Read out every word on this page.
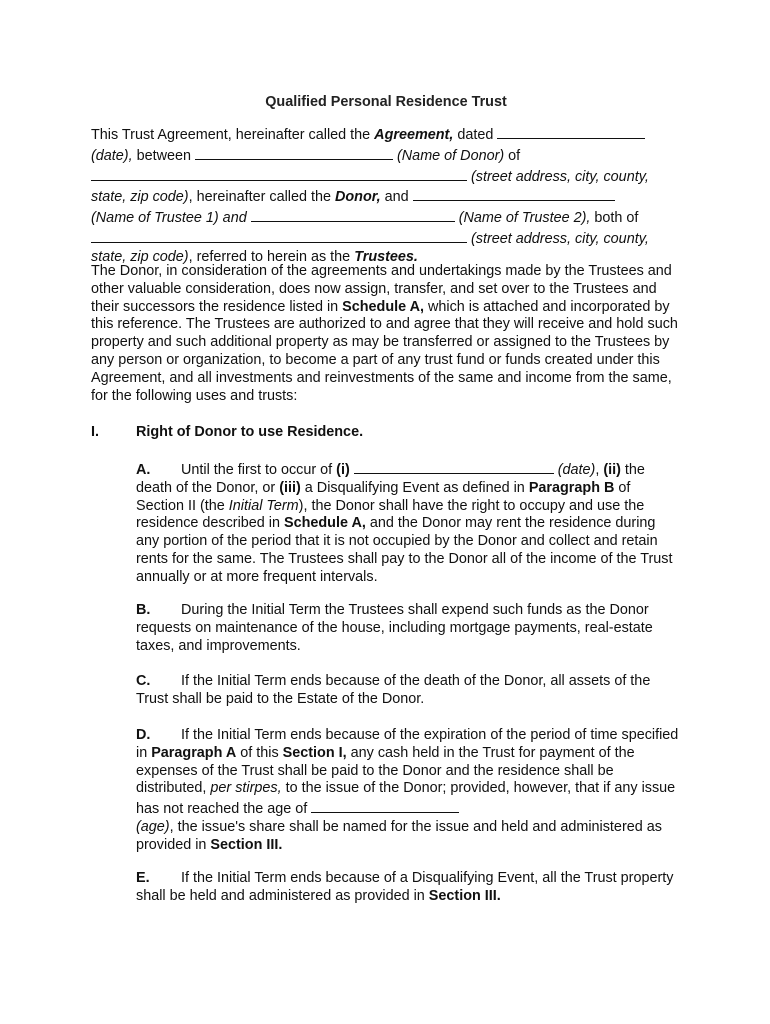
Qualified Personal Residence Trust
This Trust Agreement, hereinafter called the Agreement, dated
(date), between	(Name of Donor) of
(street address, city, county,
state, zip code), hereinafter called the Donor, and
(Name of Trustee 1) and	(Name of Trustee 2), both of
(street address, city, county,
state, zip code), referred to herein as the Trustees.
The Donor, in consideration of the agreements and undertakings made by the Trustees and other valuable consideration, does now assign, transfer, and set over to the Trustees and their successors the residence listed in Schedule A, which is attached and incorporated by this reference. The Trustees are authorized to and agree that they will receive and hold such property and such additional property as may be transferred or assigned to the Trustees by any person or organization, to become a part of any trust fund or funds created under this Agreement, and all investments and reinvestments of the same and income from the same, for the following uses and trusts:
I.	Right of Donor to use Residence.
A. Until the first to occur of (i)	(date), (ii) the death of the Donor, or (iii) a Disqualifying Event as defined in Paragraph B of Section II (the Initial Term), the Donor shall have the right to occupy and use the residence described in Schedule A, and the Donor may rent the residence during any portion of the period that it is not occupied by the Donor and collect and retain rents for the same. The Trustees shall pay to the Donor all of the income of the Trust annually or at more frequent intervals.
B. During the Initial Term the Trustees shall expend such funds as the Donor requests on maintenance of the house, including mortgage payments, real-estate taxes, and improvements.
C. If the Initial Term ends because of the death of the Donor, all assets of the Trust shall be paid to the Estate of the Donor.
D. If the Initial Term ends because of the expiration of the period of time specified in Paragraph A of this Section I, any cash held in the Trust for payment of the expenses of the Trust shall be paid to the Donor and the residence shall be distributed, per stirpes, to the issue of the Donor; provided, however, that if any issue has not reached the age of
(age), the issue's share shall be named for the issue and held and administered as provided in Section III.
E. If the Initial Term ends because of a Disqualifying Event, all the Trust property shall be held and administered as provided in Section III.
